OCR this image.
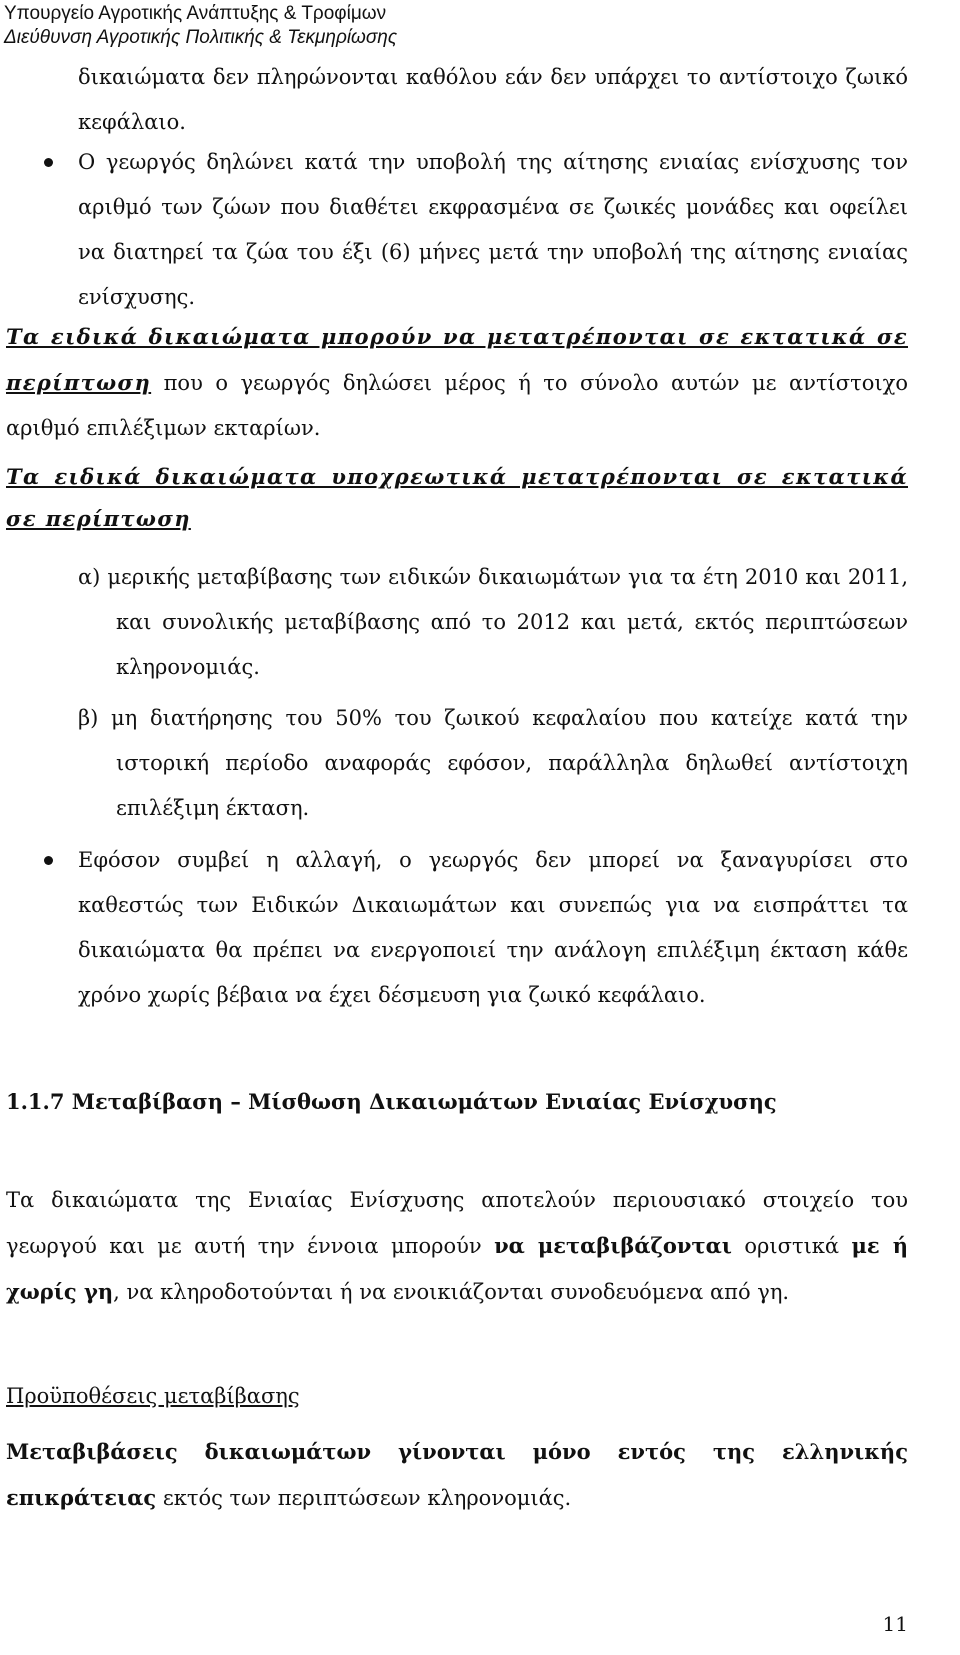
Υπουργείο Αγροτικής Ανάπτυξης & Τροφίμων
Διεύθυνση Αγροτικής Πολιτικής & Τεκμηρίωσης

δικαιώματα δεν πληρώνονται καθόλου εάν δεν υπάρχει το αντίστοιχο ζωικό κεφάλαιο.

Ο γεωργός δηλώνει κατά την υποβολή της αίτησης ενιαίας ενίσχυσης τον αριθμό των ζώων που διαθέτει εκφρασμένα σε ζωικές μονάδες και οφείλει να διατηρεί τα ζώα του έξι (6) μήνες μετά την υποβολή της αίτησης ενιαίας ενίσχυσης.

Τα ειδικά δικαιώματα μπορούν να μετατρέπονται σε εκτατικά σε περίπτωση που ο γεωργός δηλώσει μέρος ή το σύνολο αυτών με αντίστοιχο αριθμό επιλέξιμων εκταρίων.

Τα ειδικά δικαιώματα υποχρεωτικά μετατρέπονται σε εκτατικά σε περίπτωση

α) μερικής μεταβίβασης των ειδικών δικαιωμάτων για τα έτη 2010 και 2011, και συνολικής μεταβίβασης από το 2012 και μετά, εκτός περιπτώσεων κληρονομιάς.

β) μη διατήρησης του 50% του ζωικού κεφαλαίου που κατείχε κατά την ιστορική περίοδο αναφοράς εφόσον, παράλληλα δηλωθεί αντίστοιχη επιλέξιμη έκταση.

Εφόσον συμβεί η αλλαγή, ο γεωργός δεν μπορεί να ξαναγυρίσει στο καθεστώς των Ειδικών Δικαιωμάτων και συνεπώς για να εισπράττει τα δικαιώματα θα πρέπει να ενεργοποιεί την ανάλογη επιλέξιμη έκταση κάθε χρόνο χωρίς βέβαια να έχει δέσμευση για ζωικό κεφάλαιο.

1.1.7 Μεταβίβαση – Μίσθωση Δικαιωμάτων Ενιαίας Ενίσχυσης

Τα δικαιώματα της Ενιαίας Ενίσχυσης αποτελούν περιουσιακό στοιχείο του γεωργού και με αυτή την έννοια μπορούν να μεταβιβάζονται οριστικά με ή χωρίς γη, να κληροδοτούνται ή να ενοικιάζονται συνοδευόμενα από γη.

Προϋποθέσεις μεταβίβασης

Μεταβιβάσεις δικαιωμάτων γίνονται μόνο εντός της ελληνικής επικράτειας εκτός των περιπτώσεων κληρονομιάς.

11
